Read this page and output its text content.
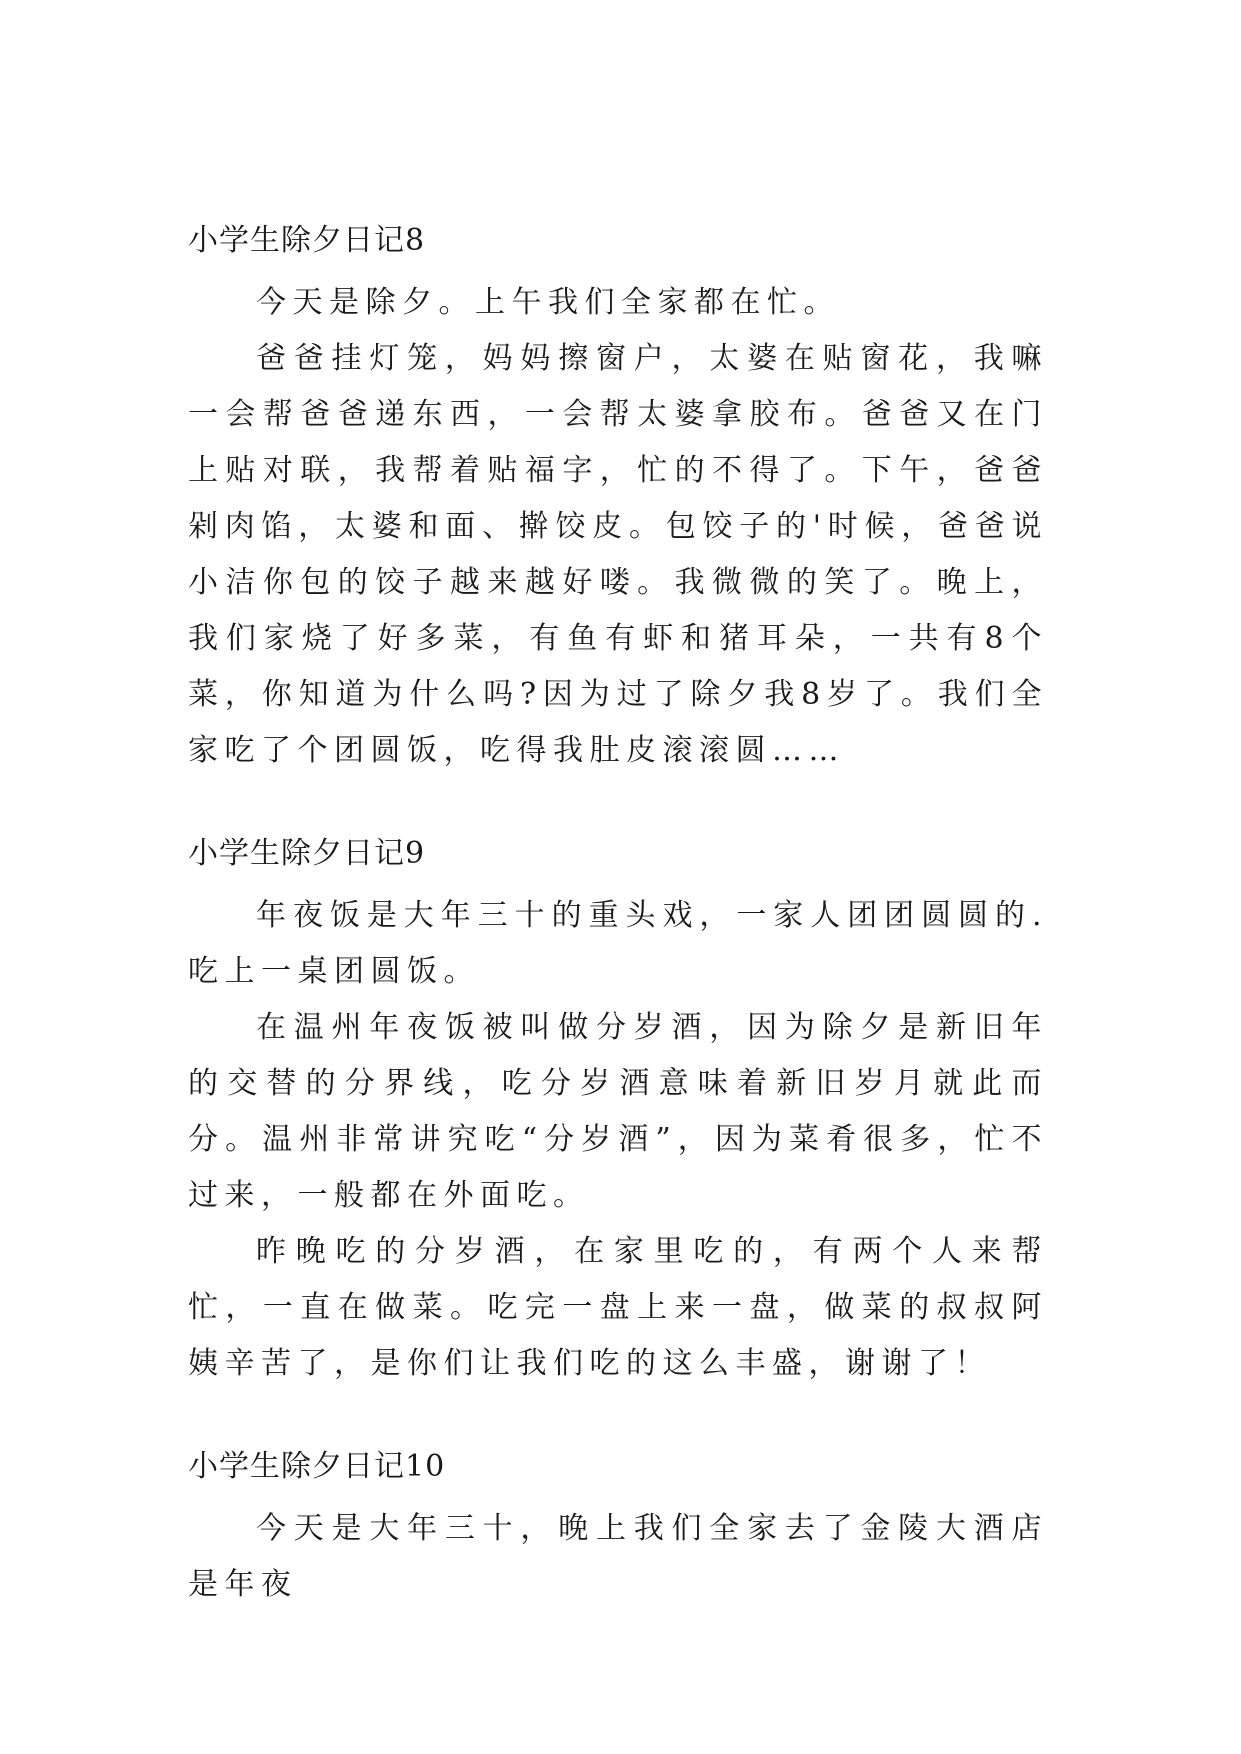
小学生除夕日记8

今天是除夕。上午我们全家都在忙。

爸爸挂灯笼，妈妈擦窗户，太婆在贴窗花，我嘛一会帮爸爸递东西，一会帮太婆拿胶布。爸爸又在门上贴对联，我帮着贴福字，忙的不得了。下午，爸爸剁肉馅，太婆和面、擀饺皮。包饺子的'时候，爸爸说小洁你包的饺子越来越好喽。我微微的笑了。晚上，我们家烧了好多菜，有鱼有虾和猪耳朵，一共有8个菜，你知道为什么吗?因为过了除夕我8岁了。我们全家吃了个团圆饭，吃得我肚皮滚滚圆……

小学生除夕日记9

年夜饭是大年三十的重头戏，一家人团团圆圆的.吃上一桌团圆饭。

在温州年夜饭被叫做分岁酒，因为除夕是新旧年的交替的分界线，吃分岁酒意味着新旧岁月就此而分。温州非常讲究吃“分岁酒”，因为菜肴很多，忙不过来，一般都在外面吃。

昨晚吃的分岁酒，在家里吃的，有两个人来帮忙，一直在做菜。吃完一盘上来一盘，做菜的叔叔阿姨辛苦了，是你们让我们吃的这么丰盛，谢谢了！

小学生除夕日记10

今天是大年三十，晚上我们全家去了金陵大酒店是年夜
